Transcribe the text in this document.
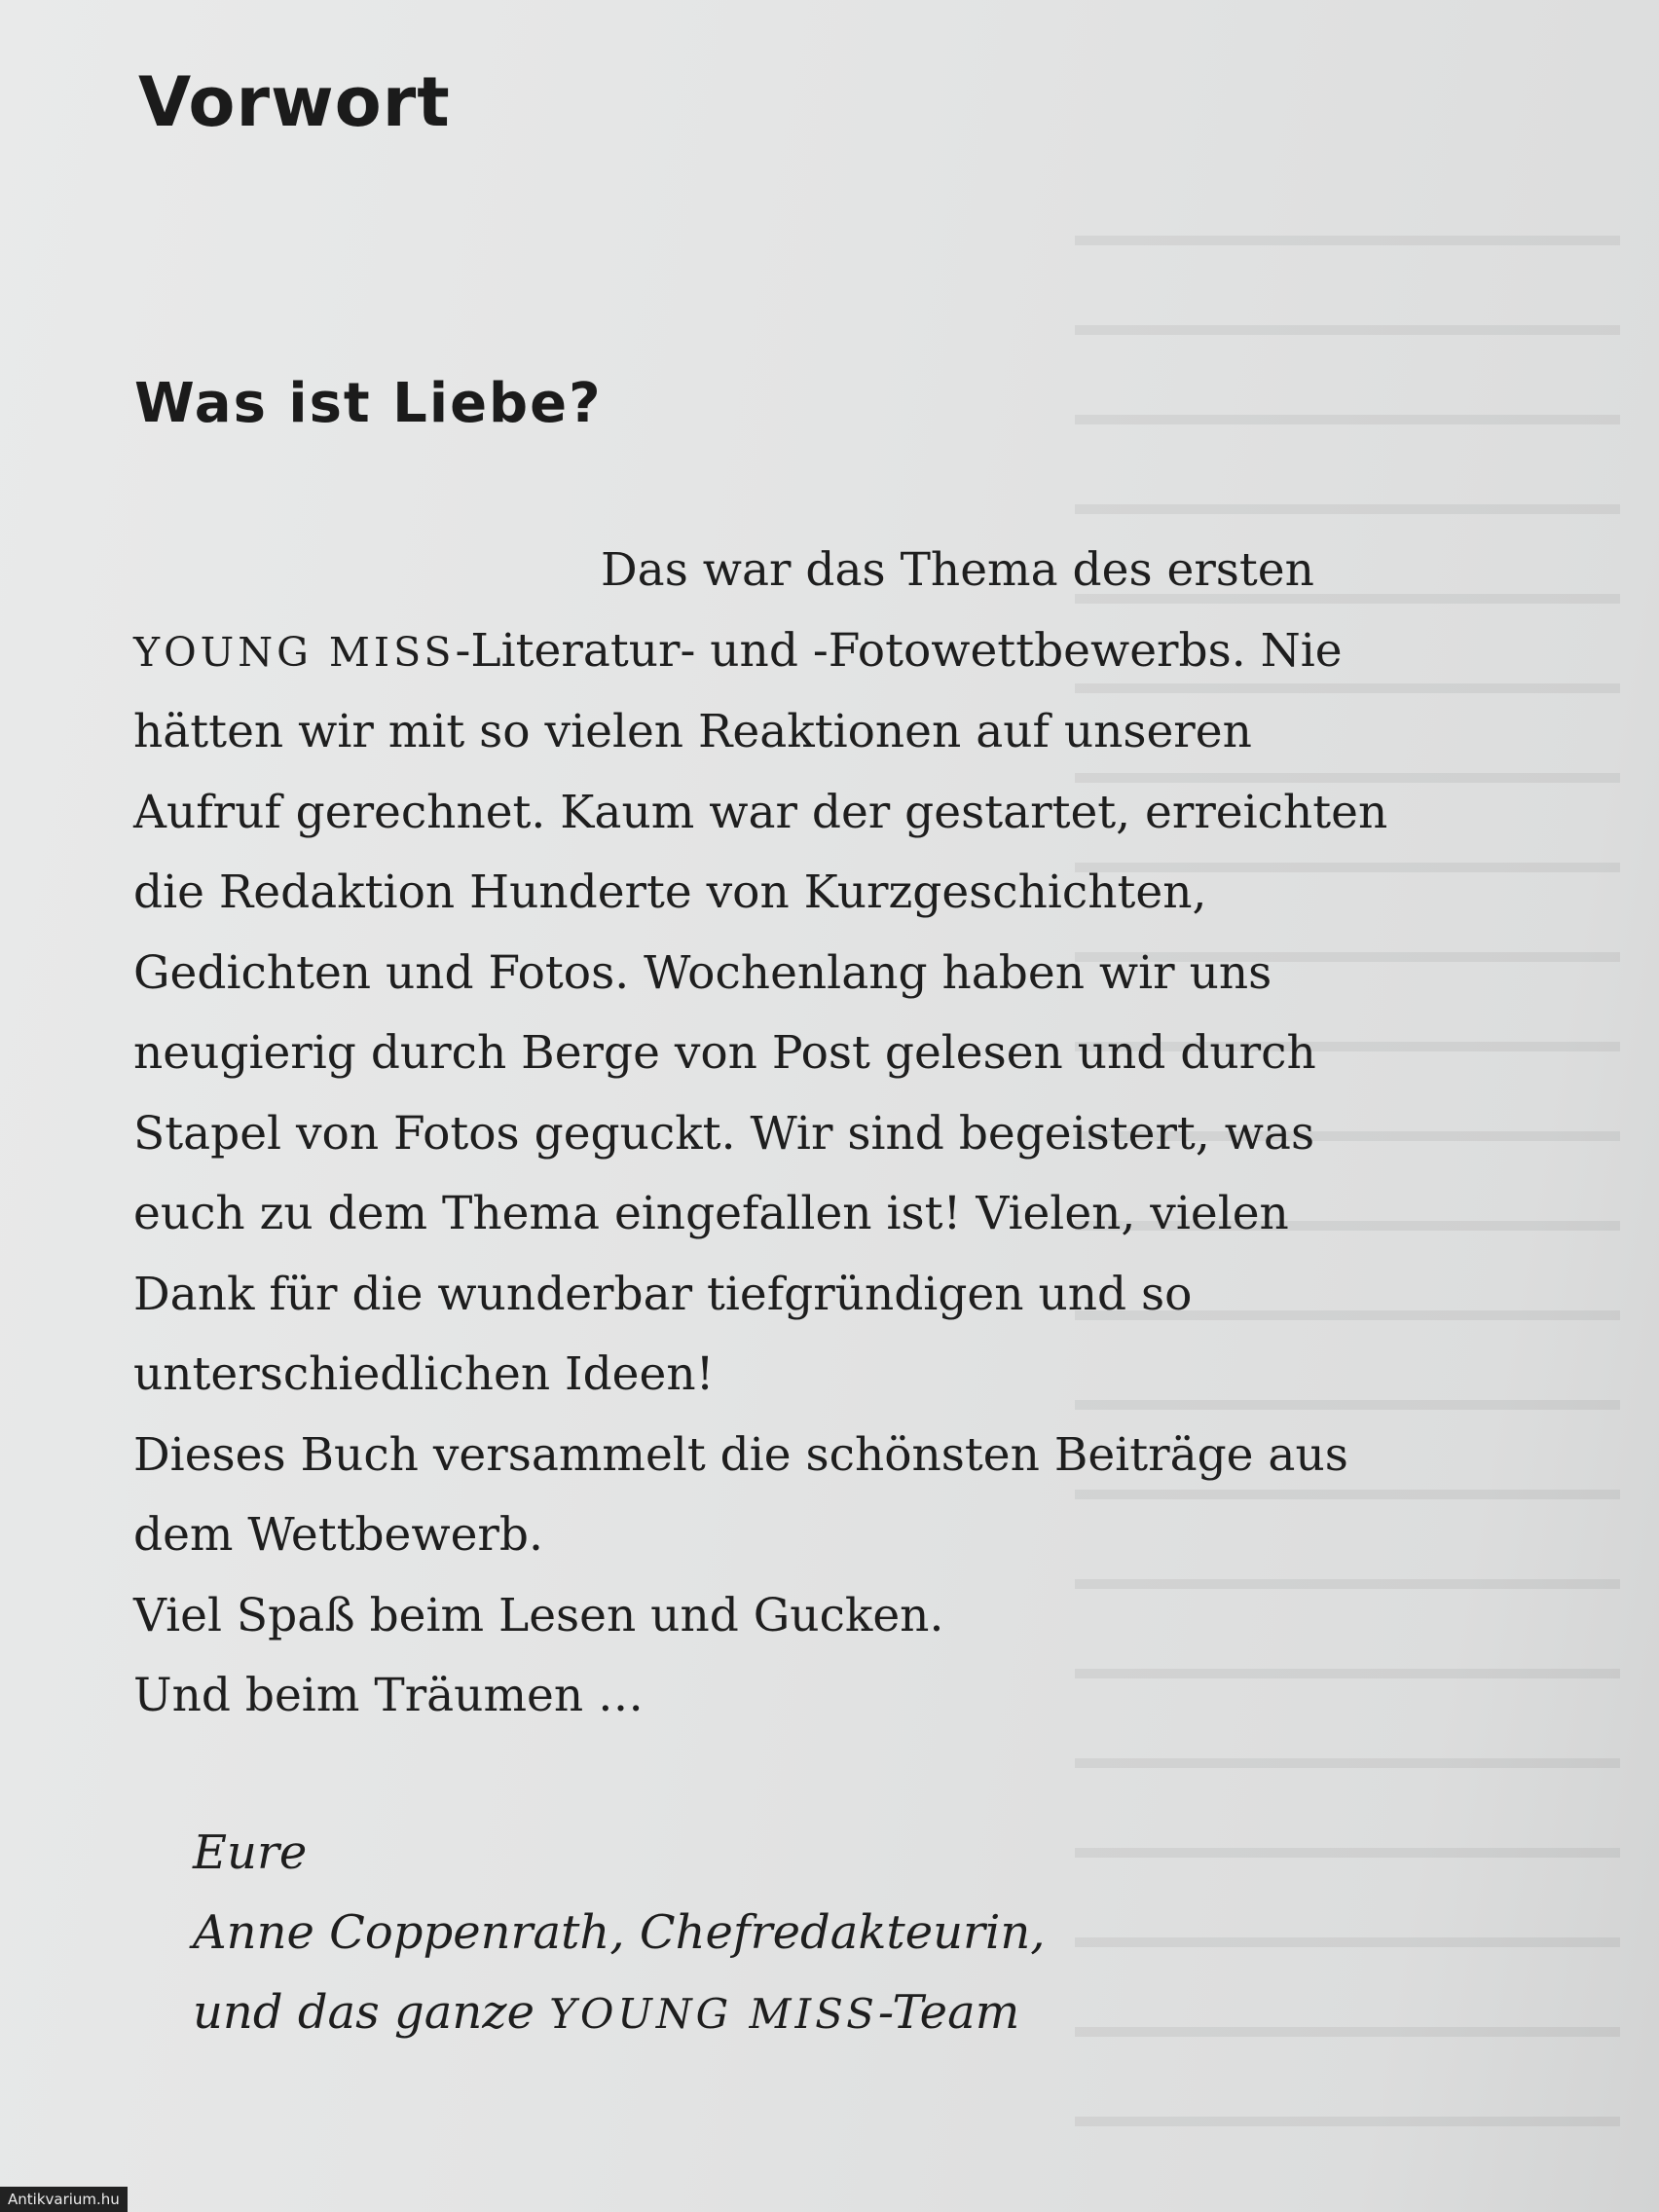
Vorwort
Was ist Liebe?

Das war das Thema des ersten YOUNG MISS-Literatur- und -Fotowettbewerbs. Nie hätten wir mit so vielen Reaktionen auf unseren Aufruf gerechnet. Kaum war der gestartet, erreichten die Redaktion Hunderte von Kurzgeschichten, Gedichten und Fotos. Wochenlang haben wir uns neugierig durch Berge von Post gelesen und durch Stapel von Fotos geguckt. Wir sind begeistert, was euch zu dem Thema eingefallen ist! Vielen, vielen Dank für die wunderbar tiefgründigen und so unterschiedlichen Ideen!

Dieses Buch versammelt die schönsten Beiträge aus dem Wettbewerb.

Viel Spaß beim Lesen und Gucken.

Und beim Träumen …

Eure
Anne Coppenrath, Chefredakteurin,
und das ganze YOUNG MISS-Team
Antikvarium.hu
